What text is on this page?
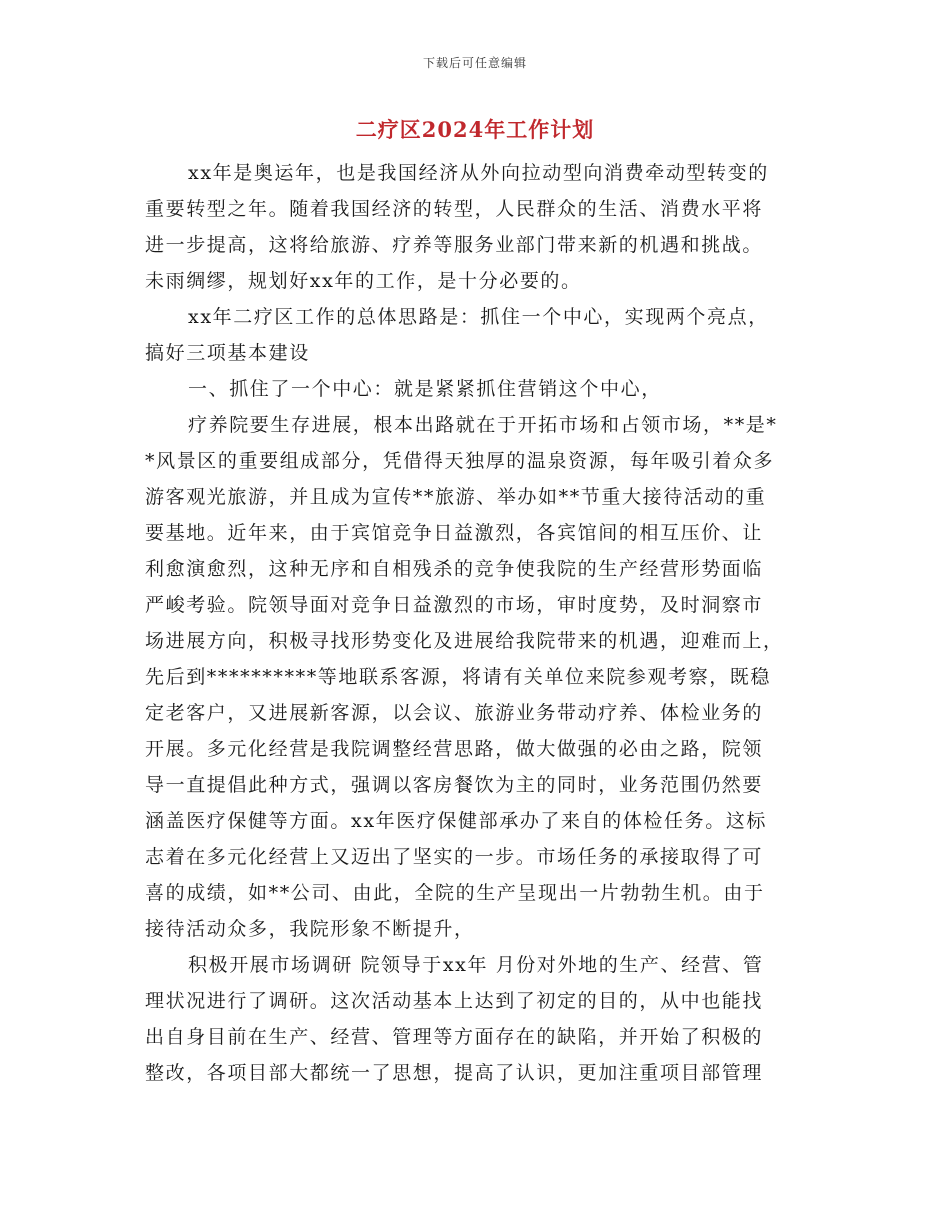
下载后可任意编辑
二疗区2024年工作计划
xx年是奥运年，也是我国经济从外向拉动型向消费牵动型转变的
重要转型之年。随着我国经济的转型，人民群众的生活、消费水平将
进一步提高，这将给旅游、疗养等服务业部门带来新的机遇和挑战。
未雨绸缪，规划好xx年的工作，是十分必要的。
xx年二疗区工作的总体思路是：抓住一个中心，实现两个亮点，
搞好三项基本建设
一、抓住了一个中心：就是紧紧抓住营销这个中心，
疗养院要生存进展，根本出路就在于开拓市场和占领市场，**是*
*风景区的重要组成部分，凭借得天独厚的温泉资源，每年吸引着众多
游客观光旅游，并且成为宣传**旅游、举办如**节重大接待活动的重
要基地。近年来，由于宾馆竞争日益激烈，各宾馆间的相互压价、让
利愈演愈烈，这种无序和自相残杀的竞争使我院的生产经营形势面临
严峻考验。院领导面对竞争日益激烈的市场，审时度势，及时洞察市
场进展方向，积极寻找形势变化及进展给我院带来的机遇，迎难而上，
先后到**********等地联系客源，将请有关单位来院参观考察，既稳
定老客户，又进展新客源，以会议、旅游业务带动疗养、体检业务的
开展。多元化经营是我院调整经营思路，做大做强的必由之路，院领
导一直提倡此种方式，强调以客房餐饮为主的同时，业务范围仍然要
涵盖医疗保健等方面。xx年医疗保健部承办了来自的体检任务。这标
志着在多元化经营上又迈出了坚实的一步。市场任务的承接取得了可
喜的成绩，如**公司、由此，全院的生产呈现出一片勃勃生机。由于
接待活动众多，我院形象不断提升，
积极开展市场调研 院领导于xx年 月份对外地的生产、经营、管
理状况进行了调研。这次活动基本上达到了初定的目的，从中也能找
出自身目前在生产、经营、管理等方面存在的缺陷，并开始了积极的
整改，各项目部大都统一了思想，提高了认识，更加注重项目部管理
